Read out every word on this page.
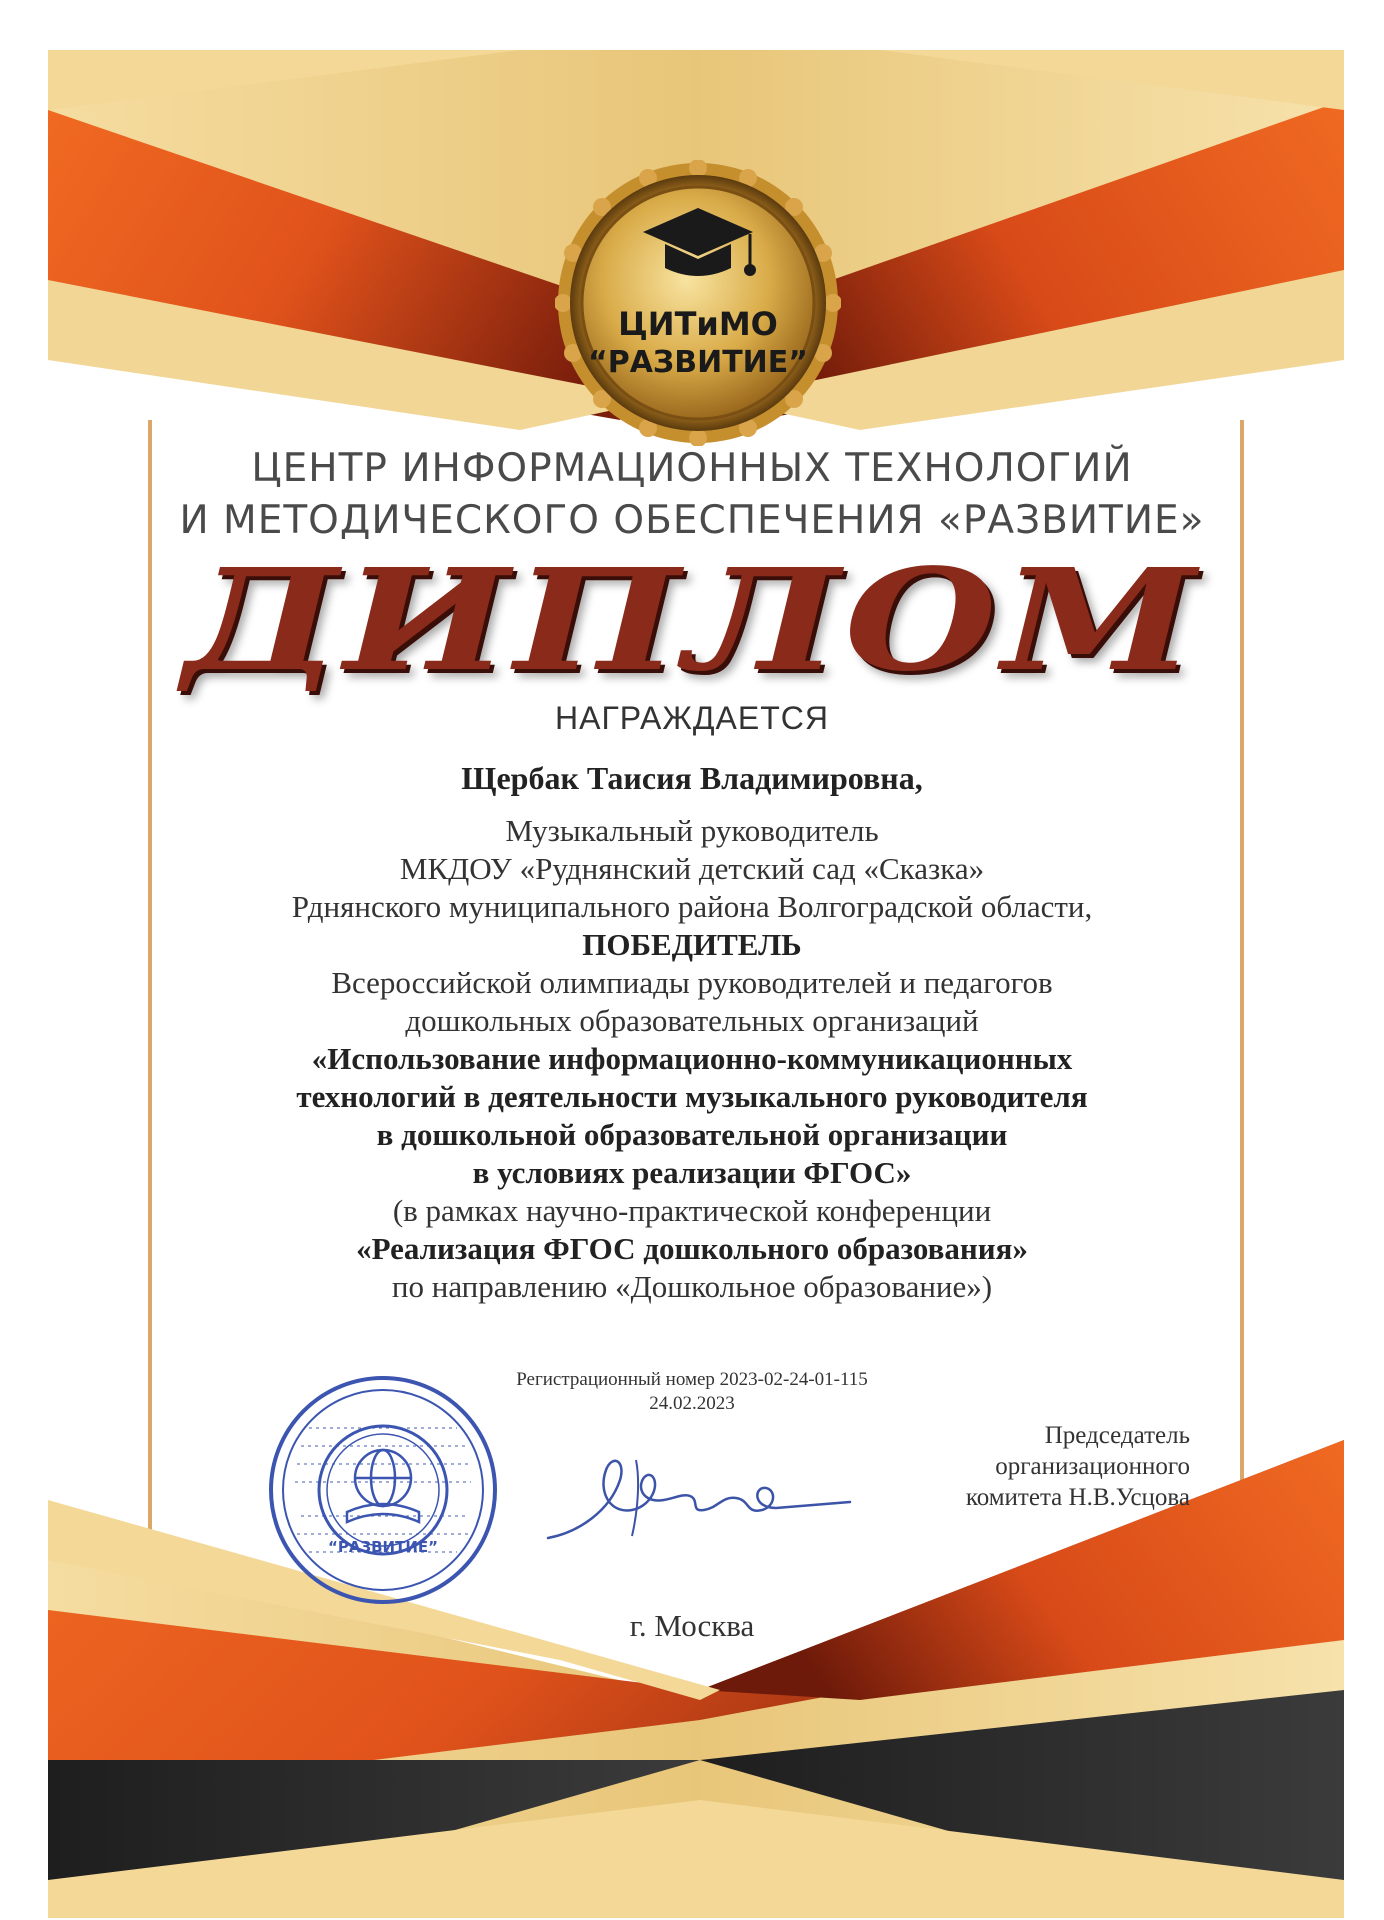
ЦИТиМО
“РАЗВИТИЕ”
ЦЕНТР ИНФОРМАЦИОННЫХ ТЕХНОЛОГИЙ
И МЕТОДИЧЕСКОГО ОБЕСПЕЧЕНИЯ «РАЗВИТИЕ»
ДИПЛОМ
НАГРАЖДАЕТСЯ
Щербак Таисия Владимировна,
Музыкальный руководитель
МКДОУ «Руднянский детский сад «Сказка»
Рднянского муниципального района Волгоградской области,
ПОБЕДИТЕЛЬ
Всероссийской олимпиады руководителей и педагогов
дошкольных образовательных организаций
«Использование информационно-коммуникационных
технологий в деятельности музыкального руководителя
в дошкольной образовательной организации
в условиях реализации ФГОС»
(в рамках научно-практической конференции
«Реализация ФГОС дошкольного образования»
по направлению «Дошкольное образование»)
Регистрационный номер 2023-02-24-01-115
24.02.2023
“РАЗВИТИЕ”
Председатель
организационного
комитета Н.В.Усцова
г. Москва
